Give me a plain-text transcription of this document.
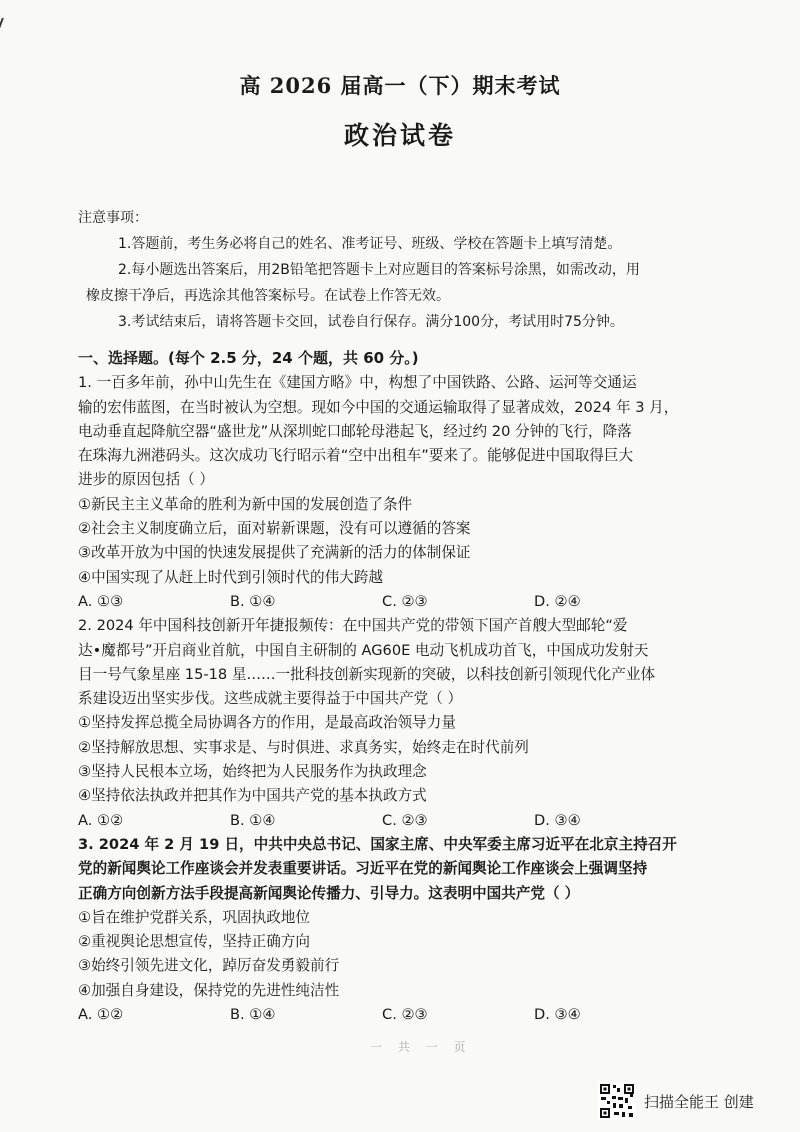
高 2026 届高一（下）期末考试
政治试卷
注意事项：
1.答题前，考生务必将自己的姓名、准考证号、班级、学校在答题卡上填写清楚。
2.每小题选出答案后，用2B铅笔把答题卡上对应题目的答案标号涂黑，如需改动，用
橡皮擦干净后，再选涂其他答案标号。在试卷上作答无效。
3.考试结束后，请将答题卡交回，试卷自行保存。满分100分，考试用时75分钟。
一、选择题。(每个 2.5 分，24 个题，共 60 分。)

1. 一百多年前，孙中山先生在《建国方略》中，构想了中国铁路、公路、运河等交通运

输的宏伟蓝图，在当时被认为空想。现如今中国的交通运输取得了显著成效，2024 年 3 月，

电动垂直起降航空器“盛世龙”从深圳蛇口邮轮母港起飞，经过约 20 分钟的飞行，降落

在珠海九洲港码头。这次成功飞行昭示着“空中出租车”要来了。能够促进中国取得巨大

进步的原因包括（ ）

①新民主主义革命的胜利为新中国的发展创造了条件

②社会主义制度确立后，面对崭新课题，没有可以遵循的答案

③改革开放为中国的快速发展提供了充满新的活力的体制保证

④中国实现了从赶上时代到引领时代的伟大跨越

A. ①③	B. ①④	C. ②③	D. ②④

2. 2024 年中国科技创新开年捷报频传：在中国共产党的带领下国产首艘大型邮轮“爱

达•魔都号”开启商业首航，中国自主研制的 AG60E 电动飞机成功首飞，中国成功发射天

目一号气象星座 15-18 星……一批科技创新实现新的突破，以科技创新引领现代化产业体

系建设迈出坚实步伐。这些成就主要得益于中国共产党（ ）

①坚持发挥总揽全局协调各方的作用，是最高政治领导力量

②坚持解放思想、实事求是、与时俱进、求真务实，始终走在时代前列

③坚持人民根本立场，始终把为人民服务作为执政理念

④坚持依法执政并把其作为中国共产党的基本执政方式

A. ①②	B. ①④	C. ②③	D. ③④

3. 2024 年 2 月 19 日，中共中央总书记、国家主席、中央军委主席习近平在北京主持召开

党的新闻舆论工作座谈会并发表重要讲话。习近平在党的新闻舆论工作座谈会上强调坚持

正确方向创新方法手段提高新闻舆论传播力、引导力。这表明中国共产党（ ）

①旨在维护党群关系，巩固执政地位

②重视舆论思想宣传，坚持正确方向

③始终引领先进文化，踔厉奋发勇毅前行

④加强自身建设，保持党的先进性纯洁性

A. ①②	B. ①④	C. ②③	D. ③④
一 共 一 页
扫描全能王 创建
